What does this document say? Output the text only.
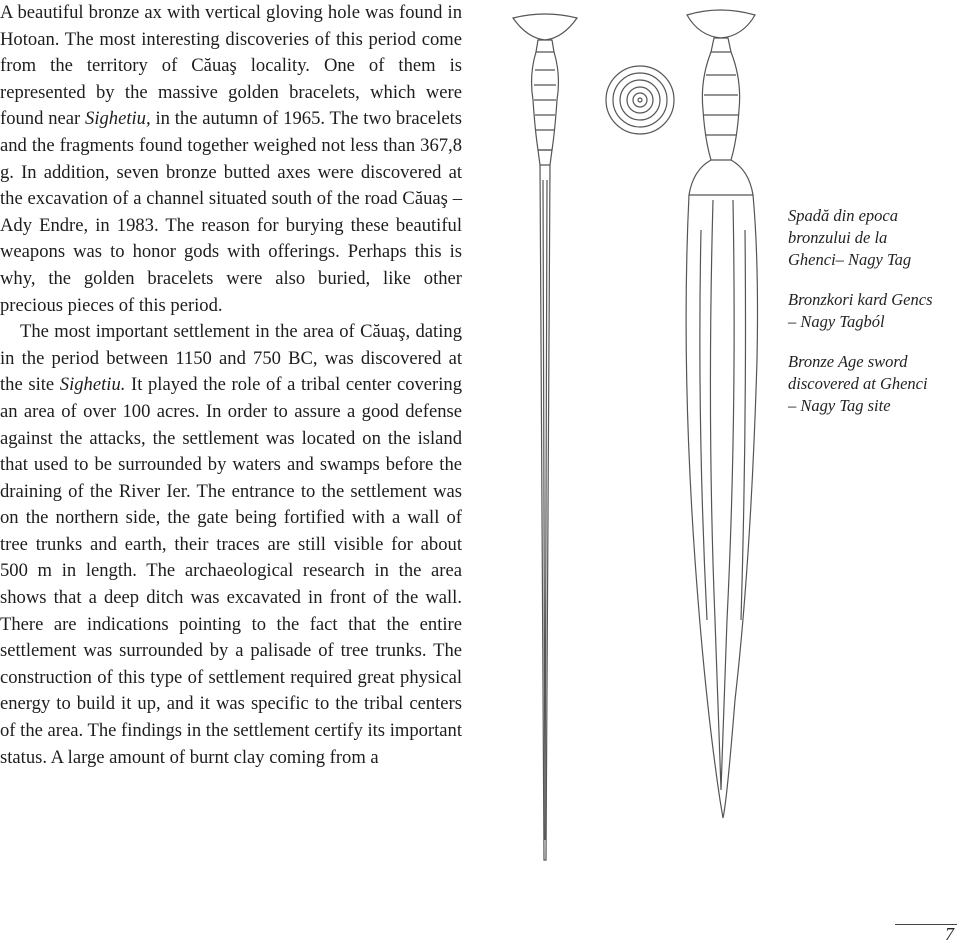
A beautiful bronze ax with vertical gloving hole was found in Hotoan. The most interesting discoveries of this period come from the territory of Căuaş locality. One of them is represented by the massive golden bracelets, which were found near Sighetiu, in the autumn of 1965. The two bracelets and the fragments found together weighed not less than 367,8 g. In addition, seven bronze butted axes were discovered at the excavation of a channel situated south of the road Căuaş – Ady Endre, in 1983. The reason for burying these beautiful weapons was to honor gods with offerings. Perhaps this is why, the golden bracelets were also buried, like other precious pieces of this period.

The most important settlement in the area of Căuaş, dating in the period between 1150 and 750 BC, was discovered at the site Sighetiu. It played the role of a tribal center covering an area of over 100 acres. In order to assure a good defense against the attacks, the settlement was located on the island that used to be surrounded by waters and swamps before the draining of the River Ier. The entrance to the settlement was on the northern side, the gate being fortified with a wall of tree trunks and earth, their traces are still visible for about 500 m in length. The archaeological research in the area shows that a deep ditch was excavated in front of the wall. There are indications pointing to the fact that the entire settlement was surrounded by a palisade of tree trunks. The construction of this type of settlement required great physical energy to build it up, and it was specific to the tribal centers of the area. The findings in the settlement certify its important status. A large amount of burnt clay coming from a

Spadă din epoca
bronzului de la
Ghenci– Nagy Tag

Bronzkori kard Gencs
– Nagy Tagból

Bronze Age sword
discovered at Ghenci
– Nagy Tag site

7
